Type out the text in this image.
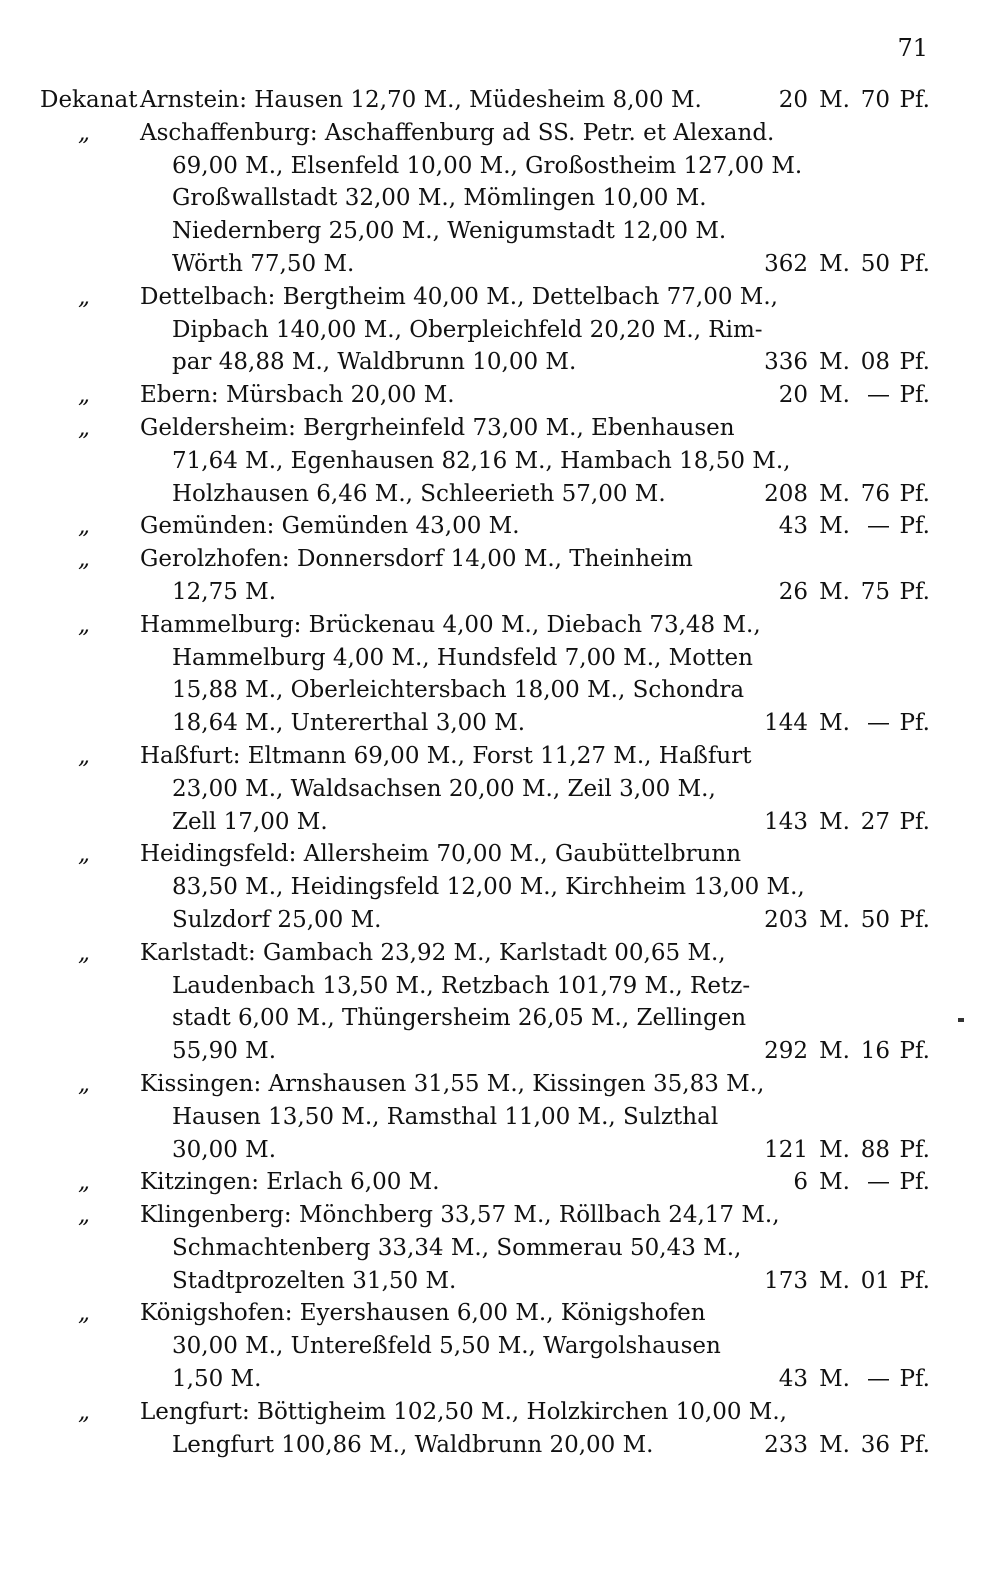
71
Dekanat Arnstein: Hausen 12,70 M., Müdesheim 8,00 M.	20 M. 70 Pf.
„	Aschaffenburg: Aschaffenburg ad SS. Petr. et Alexand.
69,00 M., Elsenfeld 10,00 M., Großostheim 127,00 M.
Großwallstadt 32,00 M., Mömlingen 10,00 M.
Niedernberg 25,00 M., Wenigumstadt 12,00 M.
Wörth 77,50 M.	362 M. 50 Pf.
„	Dettelbach: Bergtheim 40,00 M., Dettelbach 77,00 M.,
Dipbach 140,00 M., Oberpleichfeld 20,20 M., Rim-
par 48,88 M., Waldbrunn 10,00 M.	336 M. 08 Pf.
„	Ebern: Mürsbach 20,00 M.	20 M. — Pf.
„	Geldersheim: Bergrheinfeld 73,00 M., Ebenhausen
71,64 M., Egenhausen 82,16 M., Hambach 18,50 M.,
Holzhausen 6,46 M., Schleerieth 57,00 M.	208 M. 76 Pf.
„	Gemünden: Gemünden 43,00 M.	43 M. — Pf.
„	Gerolzhofen: Donnersdorf 14,00 M., Theinheim
12,75 M.	26 M. 75 Pf.
„	Hammelburg: Brückenau 4,00 M., Diebach 73,48 M.,
Hammelburg 4,00 M., Hundsfeld 7,00 M., Motten
15,88 M., Oberleichtersbach 18,00 M., Schondra
18,64 M., Untererthal 3,00 M.	144 M. — Pf.
„	Haßfurt: Eltmann 69,00 M., Forst 11,27 M., Haßfurt
23,00 M., Waldsachsen 20,00 M., Zeil 3,00 M.,
Zell 17,00 M.	143 M. 27 Pf.
„	Heidingsfeld: Allersheim 70,00 M., Gaubüttelbrunn
83,50 M., Heidingsfeld 12,00 M., Kirchheim 13,00 M.,
Sulzdorf 25,00 M.	203 M. 50 Pf.
„	Karlstadt: Gambach 23,92 M., Karlstadt 00,65 M.,
Laudenbach 13,50 M., Retzbach 101,79 M., Retz-
stadt 6,00 M., Thüngersheim 26,05 M., Zellingen
55,90 M.	292 M. 16 Pf.
„	Kissingen: Arnshausen 31,55 M., Kissingen 35,83 M.,
Hausen 13,50 M., Ramsthal 11,00 M., Sulzthal
30,00 M.	121 M. 88 Pf.
„	Kitzingen: Erlach 6,00 M.	6 M. — Pf.
„	Klingenberg: Mönchberg 33,57 M., Röllbach 24,17 M.,
Schmachtenberg 33,34 M., Sommerau 50,43 M.,
Stadtprozelten 31,50 M.	173 M. 01 Pf.
„	Königshofen: Eyershausen 6,00 M., Königshofen
30,00 M., Untereßfeld 5,50 M., Wargolshausen
1,50 M.	43 M. — Pf.
„	Lengfurt: Böttigheim 102,50 M., Holzkirchen 10,00 M.,
Lengfurt 100,86 M., Waldbrunn 20,00 M.	233 M. 36 Pf.
